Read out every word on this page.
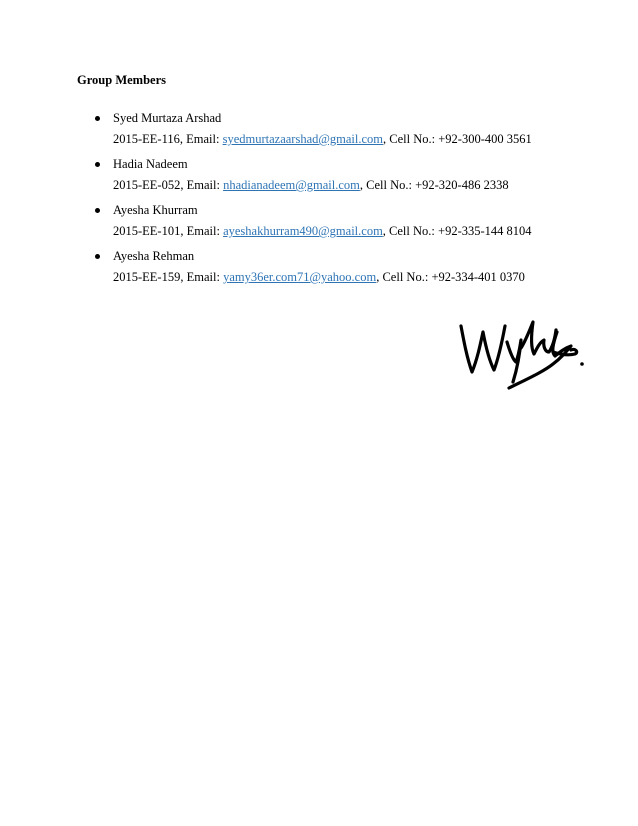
Group Members
Syed Murtaza Arshad
2015-EE-116, Email: syedmurtazaarshad@gmail.com, Cell No.: +92-300-400 3561
Hadia Nadeem
2015-EE-052, Email: nhadianadeem@gmail.com, Cell No.: +92-320-486 2338
Ayesha Khurram
2015-EE-101, Email: ayeshakhurram490@gmail.com, Cell No.: +92-335-144 8104
Ayesha Rehman
2015-EE-159, Email: yamy36er.com71@yahoo.com, Cell No.: +92-334-401 0370
